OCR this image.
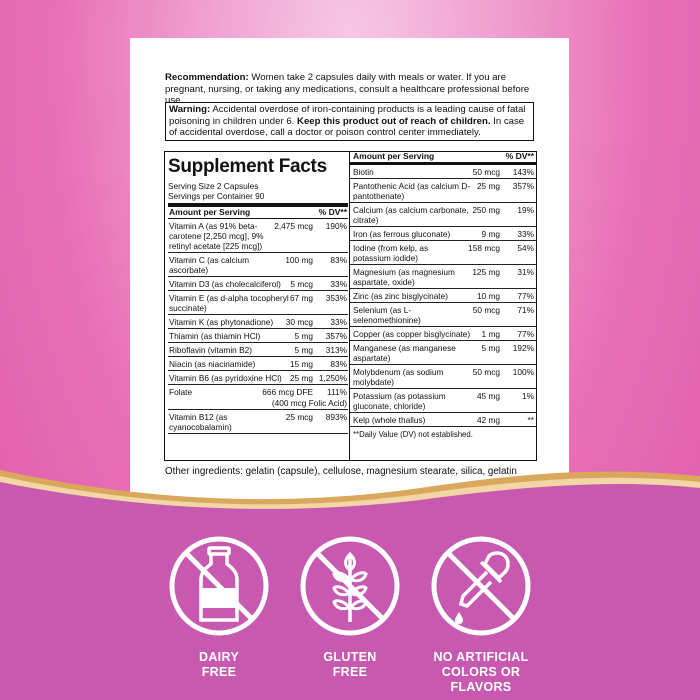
Recommendation: Women take 2 capsules daily with meals or water. If you are pregnant, nursing, or taking any medications, consult a healthcare professional before use.
Warning: Accidental overdose of iron-containing products is a leading cause of fatal poisoning in children under 6. Keep this product out of reach of children. In case of accidental overdose, call a doctor or poison control center immediately.
Supplement Facts
Serving Size 2 Capsules
Servings per Container 90
Amount per Serving	% DV**
Vitamin A (as 91% beta-carotene [2,250 mcg], 9% retinyl acetate [225 mcg])
2,475 mcg	190%
Vitamin C (as calcium ascorbate)
100 mg	83%
Vitamin D3 (as cholecalciferol)	5 mcg	33%
Vitamin E (as d-alpha tocopheryl succinate)
67 mg	353%
Vitamin K (as phytonadione)	30 mcg	33%
Thiamin (as thiamin HCl)	5 mg	357%
Riboflavin (vitamin B2)	5 mg	313%
Niacin (as niacinamide)	15 mg	83%
Vitamin B6 (as pyridoxine HCl) 25 mg 1,250%
Folate	666 mcg DFE	111%
(400 mcg Folic Acid)
Vitamin B12 (as cyanocobalamin)
25 mcg	893%
Amount per Serving	% DV**
Biotin	50 mcg	143%
Pantothenic Acid (as calcium D-pantothenate)
25 mg	357%
Calcium (as calcium carbonate, citrate)
250 mg	19%
Iron (as ferrous gluconate)	9 mg	33%
Iodine (from kelp, as potassium iodide)
158 mcg	54%
Magnesium (as magnesium aspartate, oxide)
125 mg	31%
Zinc (as zinc bisglycinate)	10 mg	77%
Selenium (as L-selenomethionine)
50 mcg	71%
Copper (as copper bisglycinate)	1 mg	77%
Manganese (as manganese aspartate)
5 mg	192%
Molybdenum (as sodium molybdate)
50 mcg	100%
Potassium (as potassium gluconate, chloride)
45 mg	1%
Kelp (whole thallus)	42 mg	**
**Daily Value (DV) not established.
Other ingredients: gelatin (capsule), cellulose, magnesium stearate, silica, gelatin
DAIRY
FREE
GLUTEN
FREE
NO ARTIFICIAL
COLORS OR
FLAVORS
